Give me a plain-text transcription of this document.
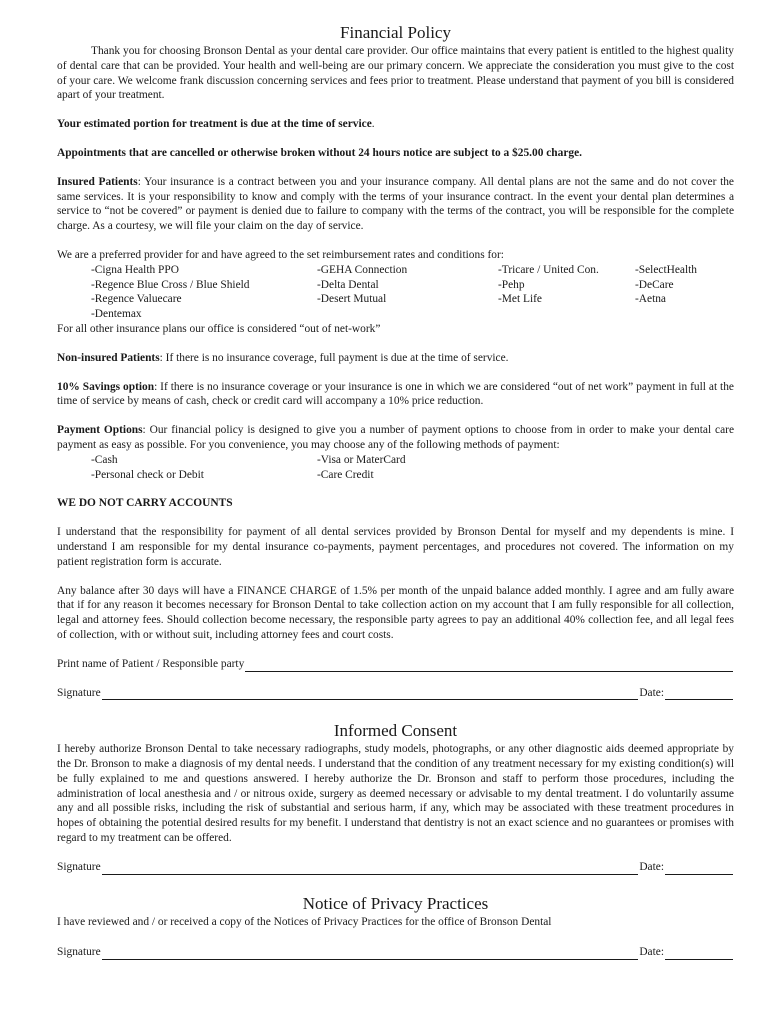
Financial Policy

Thank you for choosing Bronson Dental as your dental care provider. Our office maintains that every patient is entitled to the highest quality of dental care that can be provided. Your health and well-being are our primary concern. We appreciate the consideration you must give to the cost of your care. We welcome frank discussion concerning services and fees prior to treatment. Please understand that payment of you bill is considered apart of your treatment.

Your estimated portion for treatment is due at the time of service.

Appointments that are cancelled or otherwise broken without 24 hours notice are subject to a $25.00 charge.

Insured Patients: Your insurance is a contract between you and your insurance company. All dental plans are not the same and do not cover the same services. It is your responsibility to know and comply with the terms of your insurance contract. In the event your dental plan determines a service to “not be covered” or payment is denied due to failure to company with the terms of the contract, you will be responsible for the complete charge. As a courtesy, we will file your claim on the day of service.

We are a preferred provider for and have agreed to the set reimbursement rates and conditions for:

-Cigna Health PPO	-GEHA Connection	-Tricare / United Con.	-SelectHealth
-Regence Blue Cross / Blue Shield	-Delta Dental	-Pehp	-DeCare
-Regence Valuecare	-Desert Mutual	-Met Life	-Aetna
-Dentemax			

For all other insurance plans our office is considered “out of net-work”

Non-insured Patients: If there is no insurance coverage, full payment is due at the time of service.

10% Savings option: If there is no insurance coverage or your insurance is one in which we are considered “out of net work” payment in full at the time of service by means of cash, check or credit card will accompany a 10% price reduction.

Payment Options: Our financial policy is designed to give you a number of payment options to choose from in order to make your dental care payment as easy as possible. For you convenience, you may choose any of the following methods of payment:

-Cash	-Visa or MaterCard
-Personal check or Debit	-Care Credit

WE DO NOT CARRY ACCOUNTS

I understand that the responsibility for payment of all dental services provided by Bronson Dental for myself and my dependents is mine. I understand I am responsible for my dental insurance co-payments, payment percentages, and procedures not covered. The information on my patient registration form is accurate.

Any balance after 30 days will have a FINANCE CHARGE of 1.5% per month of the unpaid balance added monthly. I agree and am fully aware that if for any reason it becomes necessary for Bronson Dental to take collection action on my account that I am fully responsible for all collection, legal and attorney fees. Should collection become necessary, the responsible party agrees to pay an additional 40% collection fee, and all legal fees of collection, with or without suit, including attorney fees and court costs.

Print name of Patient / Responsible party
Signature	Date:
Informed Consent

I hereby authorize Bronson Dental to take necessary radiographs, study models, photographs, or any other diagnostic aids deemed appropriate by the Dr. Bronson to make a diagnosis of my dental needs. I understand that the condition of any treatment necessary for my existing condition(s) will be fully explained to me and questions answered. I hereby authorize the Dr. Bronson and staff to perform those procedures, including the administration of local anesthesia and / or nitrous oxide, surgery as deemed necessary or advisable to my dental treatment. I do voluntarily assume any and all possible risks, including the risk of substantial and serious harm, if any, which may be associated with these treatment procedures in hopes of obtaining the potential desired results for my benefit. I understand that dentistry is not an exact science and no guarantees or promises with regard to my treatment can be offered.

Signature	Date:
Notice of Privacy Practices

I have reviewed and / or received a copy of the Notices of Privacy Practices for the office of Bronson Dental

Signature	Date:
